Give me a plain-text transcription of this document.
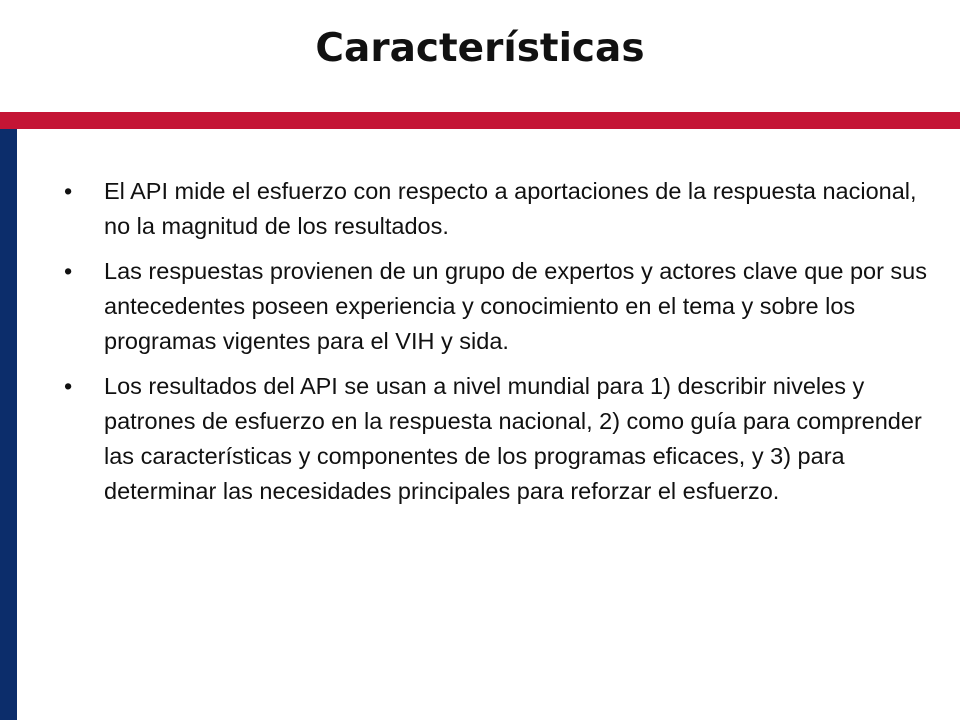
Características
•	El API mide el esfuerzo con respecto a aportaciones de la respuesta nacional, no la magnitud de los resultados.
•	Las respuestas provienen de un grupo de expertos y actores clave que por sus antecedentes poseen experiencia y conocimiento en el tema y sobre los programas vigentes para el VIH y sida.
•	Los resultados del API se usan a nivel mundial para 1) describir niveles y patrones de esfuerzo en la respuesta nacional, 2) como guía para comprender las características y componentes de los programas eficaces, y 3) para determinar las necesidades principales para reforzar el esfuerzo.
